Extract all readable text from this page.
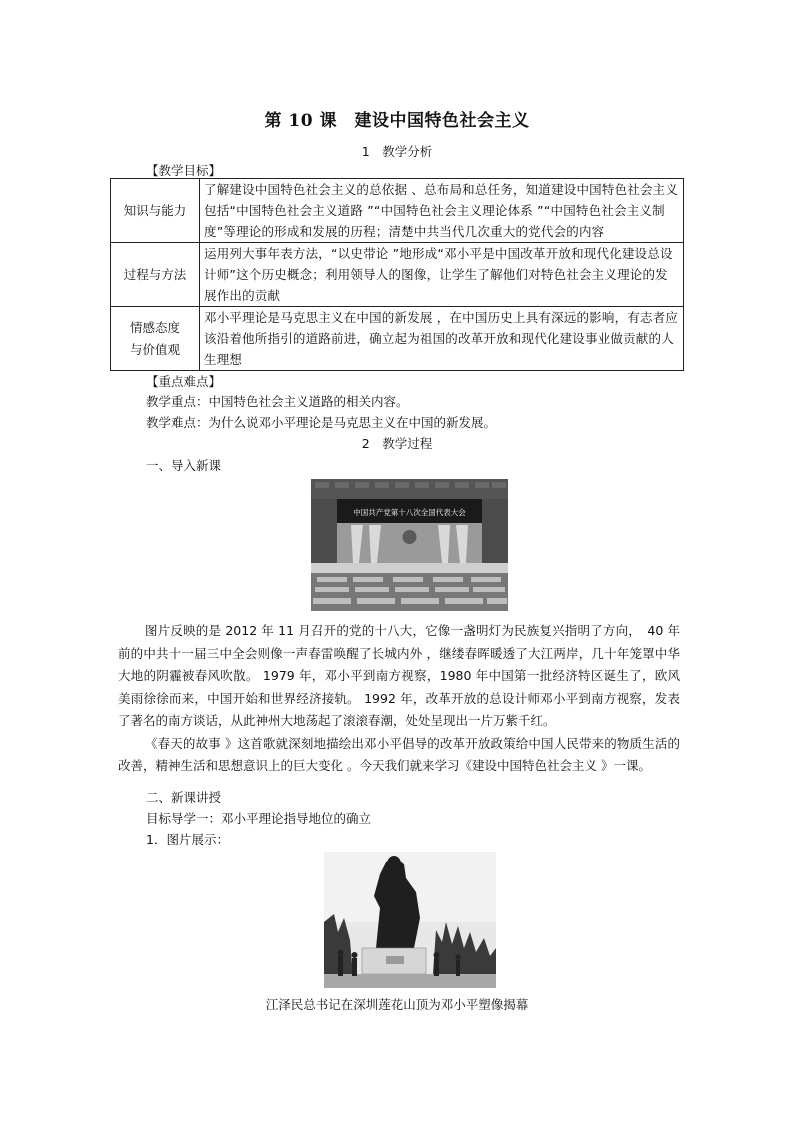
第 10 课　建设中国特色社会主义
1　教学分析
【教学目标】
知识与能力	了解建设中国特色社会主义的总依据 、总布局和总任务，知道建设中国特色社会主义包括“中国特色社会主义道路 ”“中国特色社会主义理论体系 ”“中国特色社会主义制度”等理论的形成和发展的历程；清楚中共当代几次重大的党代会的内容
过程与方法	运用列大事年表方法，“以史带论 ”地形成“邓小平是中国改革开放和现代化建设总设计师”这个历史概念；利用领导人的图像，让学生了解他们对特色社会主义理论的发展作出的贡献

情感态度
与价值观	邓小平理论是马克思主义在中国的新发展 ，在中国历史上具有深远的影响，有志者应该沿着他所指引的道路前进，确立起为祖国的改革开放和现代化建设事业做贡献的人生理想
【重点难点】
教学重点：中国特色社会主义道路的相关内容。
教学难点：为什么说邓小平理论是马克思主义在中国的新发展。
2　教学过程
一、导入新课
中国共产党第十八次全国代表大会

图片反映的是 2012 年 11 月召开的党的十八大，它像一盏明灯为民族复兴指明了方向，　40 年前的中共十一届三中全会则像一声春雷唤醒了长城内外 ，继缕春晖暖透了大江两岸，几十年笼罩中华大地的阴霾被春风吹散。 1979 年，邓小平到南方视察，1980 年中国第一批经济特区诞生了，欧风美雨徐徐而来，中国开始和世界经济接轨。 1992 年，改革开放的总设计师邓小平到南方视察，发表了著名的南方谈话，从此神州大地荡起了滚滚春潮，处处呈现出一片万紫千红。

《春天的故事 》这首歌就深刻地描绘出邓小平倡导的改革开放政策给中国人民带来的物质生活的改善，精神生活和思想意识上的巨大变化 。今天我们就来学习《建设中国特色社会主义 》一课。

二、新课讲授
目标导学一：邓小平理论指导地位的确立
1．图片展示：
江泽民总书记在深圳莲花山顶为邓小平塑像揭幕
